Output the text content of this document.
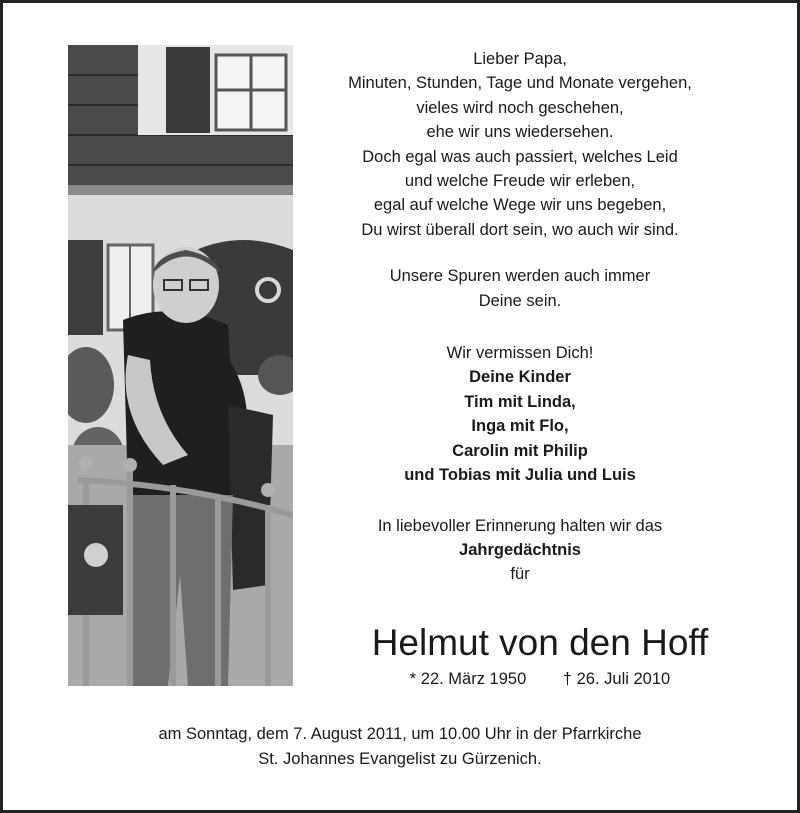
Lieber Papa,
Minuten, Stunden, Tage und Monate vergehen,
vieles wird noch geschehen,
ehe wir uns wiedersehen.
Doch egal was auch passiert, welches Leid
und welche Freude wir erleben,
egal auf welche Wege wir uns begeben,
Du wirst überall dort sein, wo auch wir sind.
Unsere Spuren werden auch immer
Deine sein.
Wir vermissen Dich!
Deine Kinder
Tim mit Linda,
Inga mit Flo,
Carolin mit Philip
und Tobias mit Julia und Luis
In liebevoller Erinnerung halten wir das
Jahrgedächtnis
für
Helmut von den Hoff
* 22. März 1950 † 26. Juli 2010
am Sonntag, dem 7. August 2011, um 10.00 Uhr in der Pfarrkirche
St. Johannes Evangelist zu Gürzenich.
